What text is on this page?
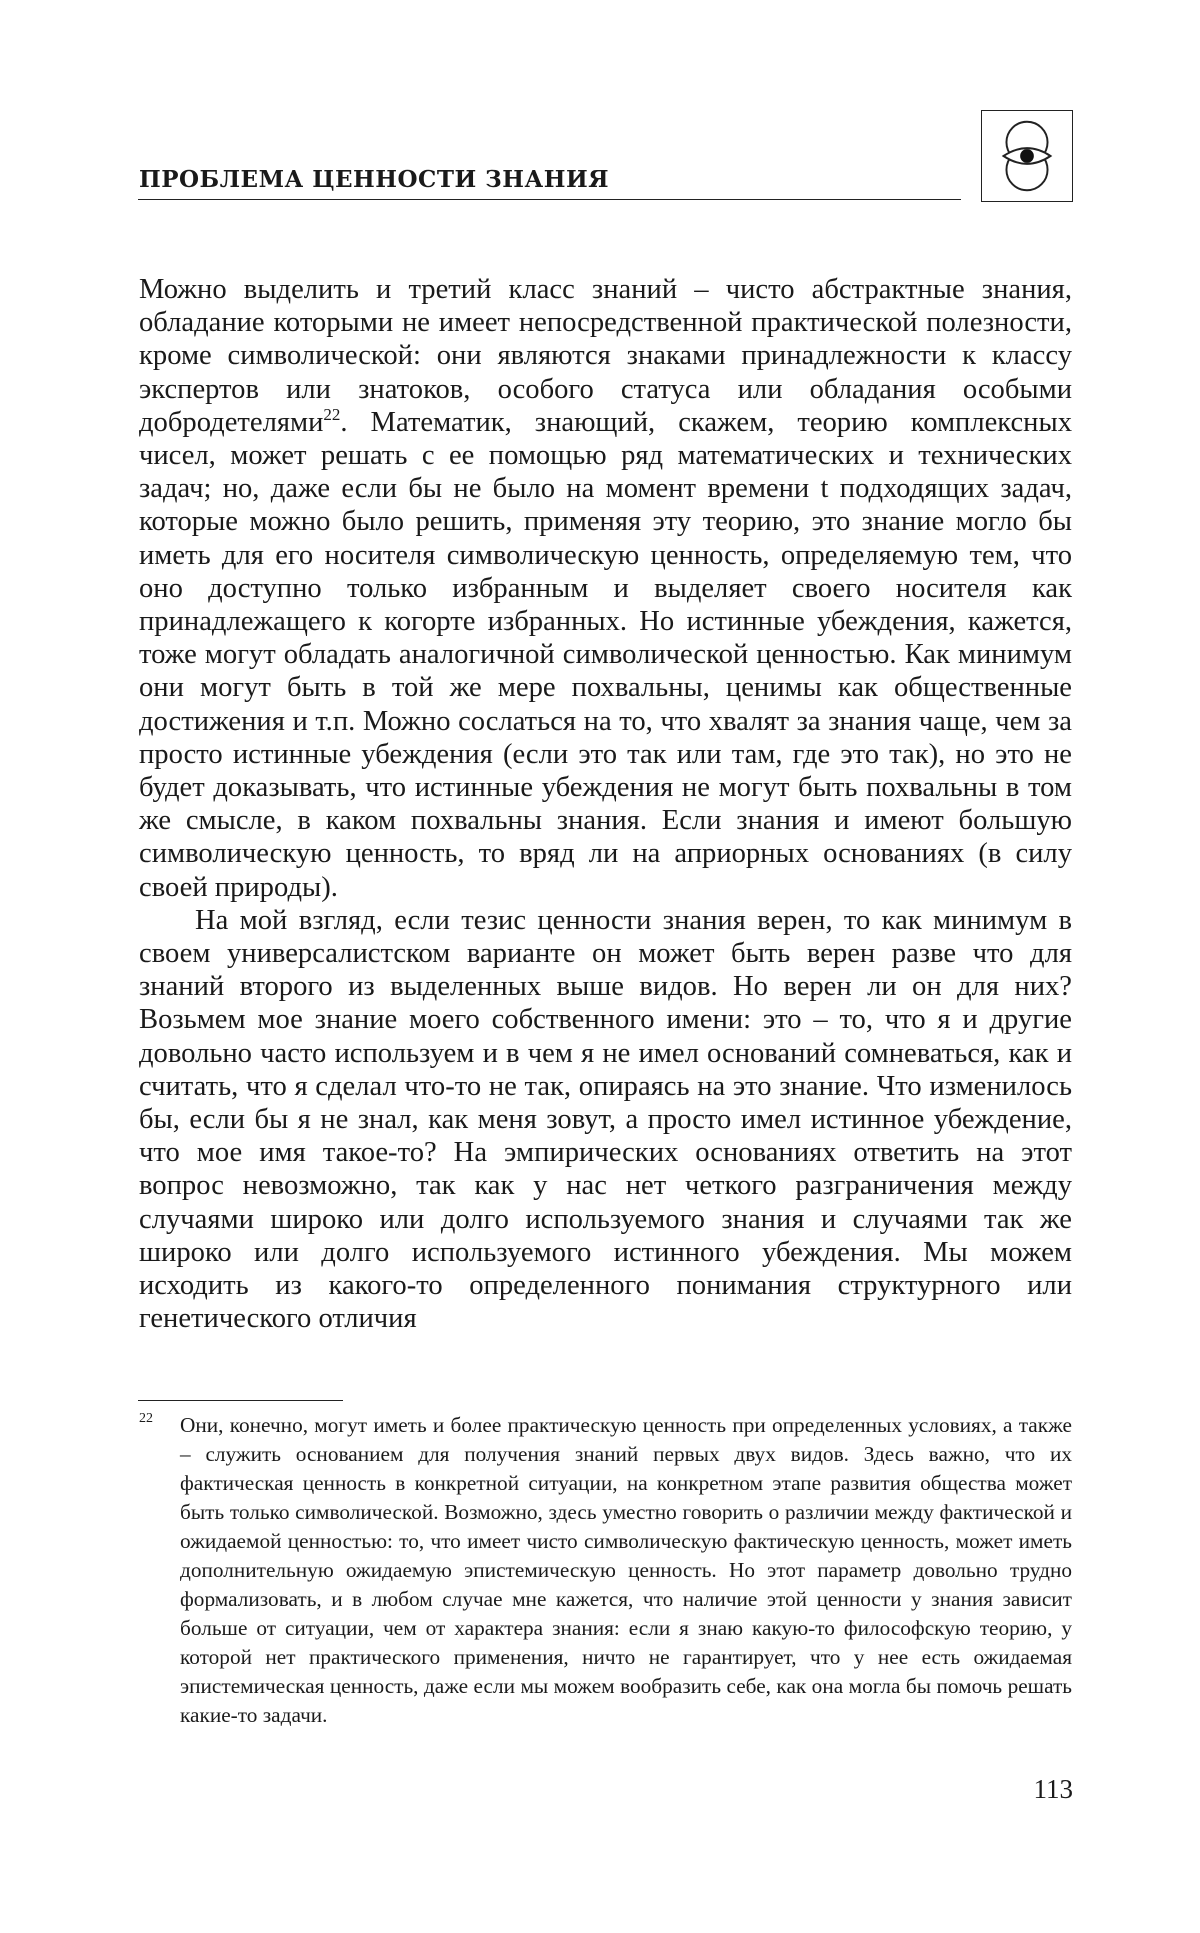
ПРОБЛЕМА ЦЕННОСТИ ЗНАНИЯ

Можно выделить и третий класс знаний – чисто абстрактные знания, обладание которыми не имеет непосредственной практической полезности, кроме символической: они являются знаками принадлежности к классу экспертов или знатоков, особого статуса или обладания особыми добродетелями$^{22}$. Математик, знающий, скажем, теорию комплексных чисел, может решать с ее помощью ряд математических и технических задач; но, даже если бы не было на момент времени t подходящих задач, которые можно было решить, применяя эту теорию, это знание могло бы иметь для его носителя символическую ценность, определяемую тем, что оно доступно только избранным и выделяет своего носителя как принадлежащего к когорте избранных. Но истинные убеждения, кажется, тоже могут обладать аналогичной символической ценностью. Как минимум они могут быть в той же мере похвальны, ценимы как общественные достижения и т.п. Можно сослаться на то, что хвалят за знания чаще, чем за просто истинные убеждения (если это так или там, где это так), но это не будет доказывать, что истинные убеждения не могут быть похвальны в том же смысле, в каком похвальны знания. Если знания и имеют большую символическую ценность, то вряд ли на априорных основаниях (в силу своей природы).

На мой взгляд, если тезис ценности знания верен, то как минимум в своем универсалистском варианте он может быть верен разве что для знаний второго из выделенных выше видов. Но верен ли он для них? Возьмем мое знание моего собственного имени: это – то, что я и другие довольно часто используем и в чем я не имел оснований сомневаться, как и считать, что я сделал что-то не так, опираясь на это знание. Что изменилось бы, если бы я не знал, как меня зовут, а просто имел истинное убеждение, что мое имя такое-то? На эмпирических основаниях ответить на этот вопрос невозможно, так как у нас нет четкого разграничения между случаями широко или долго используемого знания и случаями так же широко или долго используемого истинного убеждения. Мы можем исходить из какого-то определенного понимания структурного или генетического отличия

22 Они, конечно, могут иметь и более практическую ценность при определенных условиях, а также – служить основанием для получения знаний первых двух видов. Здесь важно, что их фактическая ценность в конкретной ситуации, на конкретном этапе развития общества может быть только символической. Возможно, здесь уместно говорить о различии между фактической и ожидаемой ценностью: то, что имеет чисто символическую фактическую ценность, может иметь дополнительную ожидаемую эпистемическую ценность. Но этот параметр довольно трудно формализовать, и в любом случае мне кажется, что наличие этой ценности у знания зависит больше от ситуации, чем от характера знания: если я знаю какую-то философскую теорию, у которой нет практического применения, ничто не гарантирует, что у нее есть ожидаемая эпистемическая ценность, даже если мы можем вообразить себе, как она могла бы помочь решать какие-то задачи.
113
